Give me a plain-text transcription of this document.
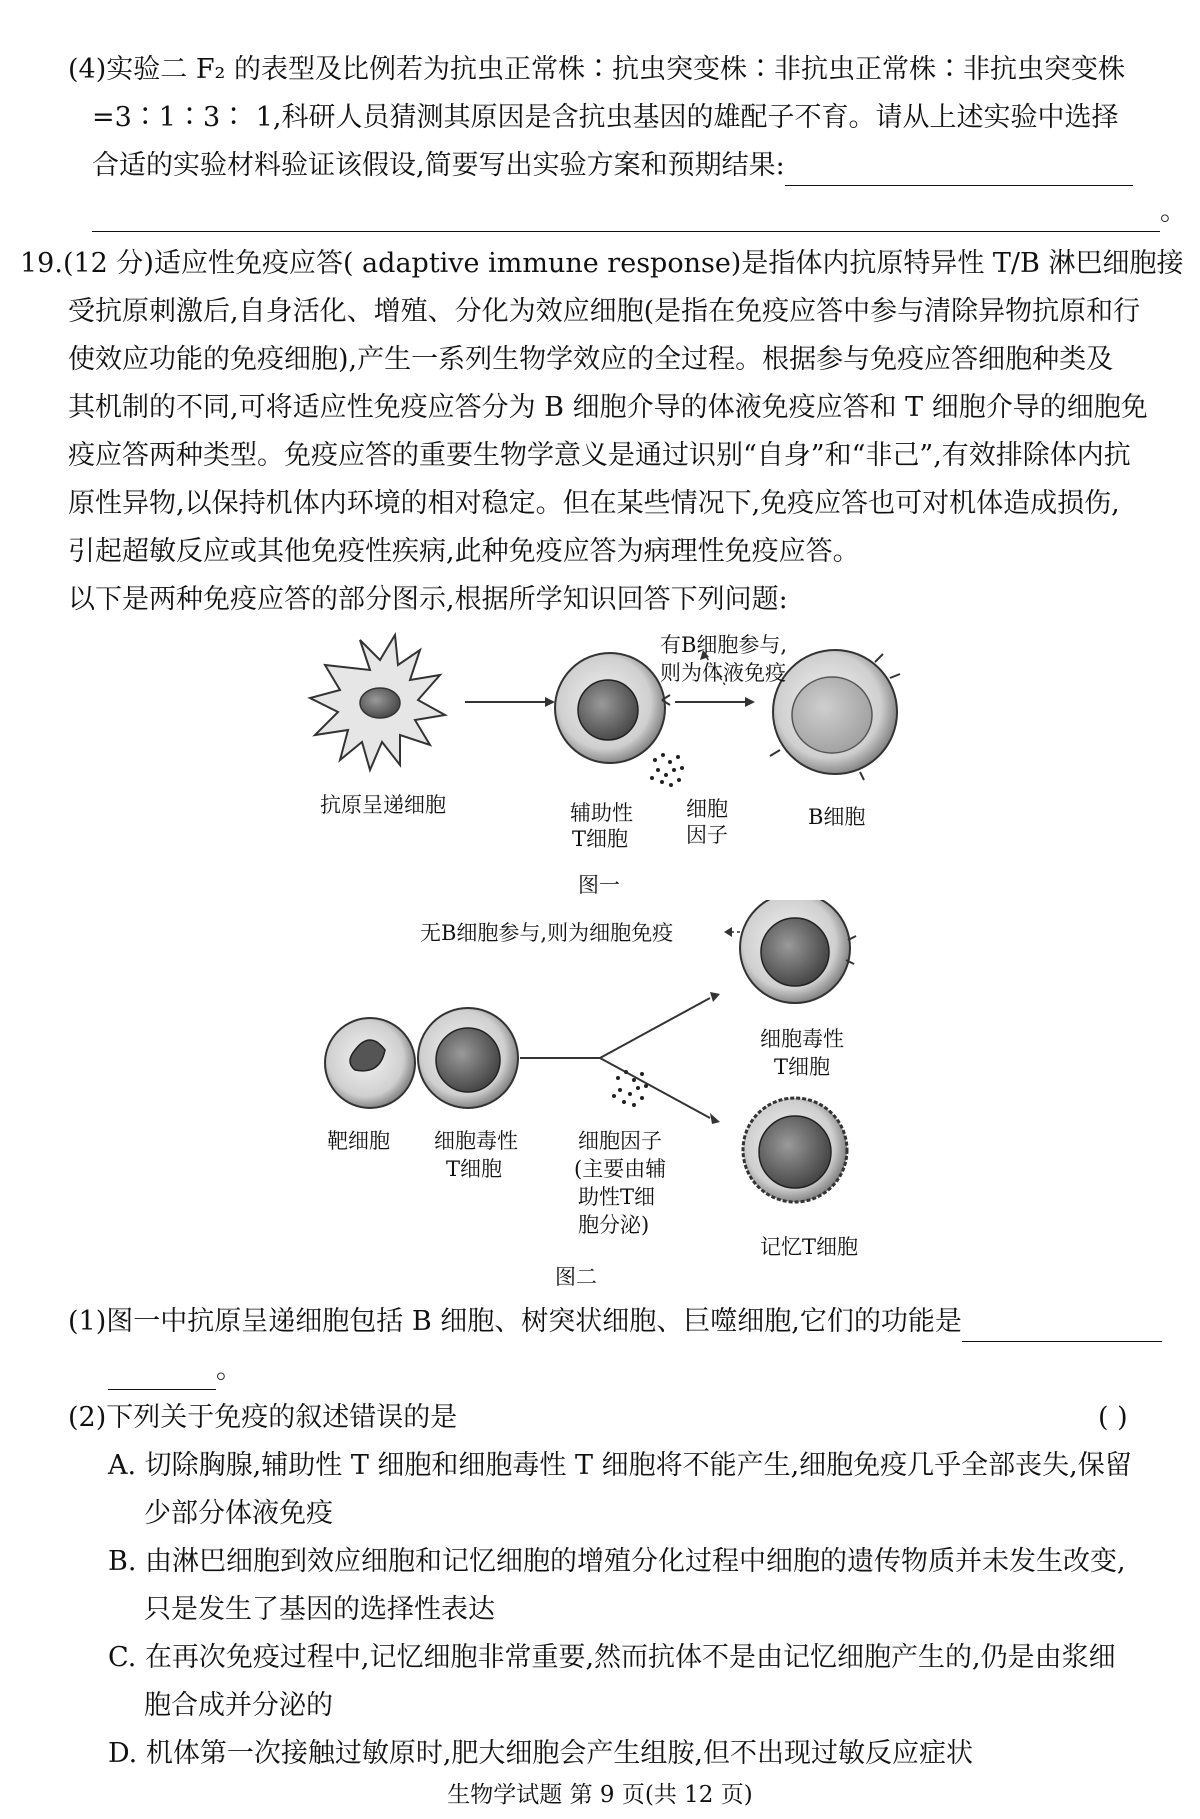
(4)实验二 F₂ 的表型及比例若为抗虫正常株∶抗虫突变株∶非抗虫正常株∶非抗虫突变株
=3∶1∶3∶ 1,科研人员猜测其原因是含抗虫基因的雄配子不育。请从上述实验中选择
合适的实验材料验证该假设,简要写出实验方案和预期结果:
。
19.(12 分)适应性免疫应答( adaptive immune response)是指体内抗原特异性 T/B 淋巴细胞接
受抗原刺激后,自身活化、增殖、分化为效应细胞(是指在免疫应答中参与清除异物抗原和行
使效应功能的免疫细胞),产生一系列生物学效应的全过程。根据参与免疫应答细胞种类及
其机制的不同,可将适应性免疫应答分为 B 细胞介导的体液免疫应答和 T 细胞介导的细胞免
疫应答两种类型。免疫应答的重要生物学意义是通过识别“自身”和“非己”,有效排除体内抗
原性异物,以保持机体内环境的相对稳定。但在某些情况下,免疫应答也可对机体造成损伤,
引起超敏反应或其他免疫性疾病,此种免疫应答为病理性免疫应答。
以下是两种免疫应答的部分图示,根据所学知识回答下列问题:
有B细胞参与,
则为体液免疫
抗原呈递细胞	辅助性
T细胞
细胞
因子
B细胞
图一
无B细胞参与,则为细胞免疫
靶细胞 细胞毒性
T细胞
细胞因子
(主要由辅
助性T细
胞分泌)
细胞毒性
T细胞
记忆T细胞
图二
(1)图一中抗原呈递细胞包括 B 细胞、树突状细胞、巨噬细胞,它们的功能是
。
(2)下列关于免疫的叙述错误的是	( )
A. 切除胸腺,辅助性 T 细胞和细胞毒性 T 细胞将不能产生,细胞免疫几乎全部丧失,保留
少部分体液免疫
B. 由淋巴细胞到效应细胞和记忆细胞的增殖分化过程中细胞的遗传物质并未发生改变,
只是发生了基因的选择性表达
C. 在再次免疫过程中,记忆细胞非常重要,然而抗体不是由记忆细胞产生的,仍是由浆细
胞合成并分泌的
D. 机体第一次接触过敏原时,肥大细胞会产生组胺,但不出现过敏反应症状
生物学试题 第 9 页(共 12 页)
